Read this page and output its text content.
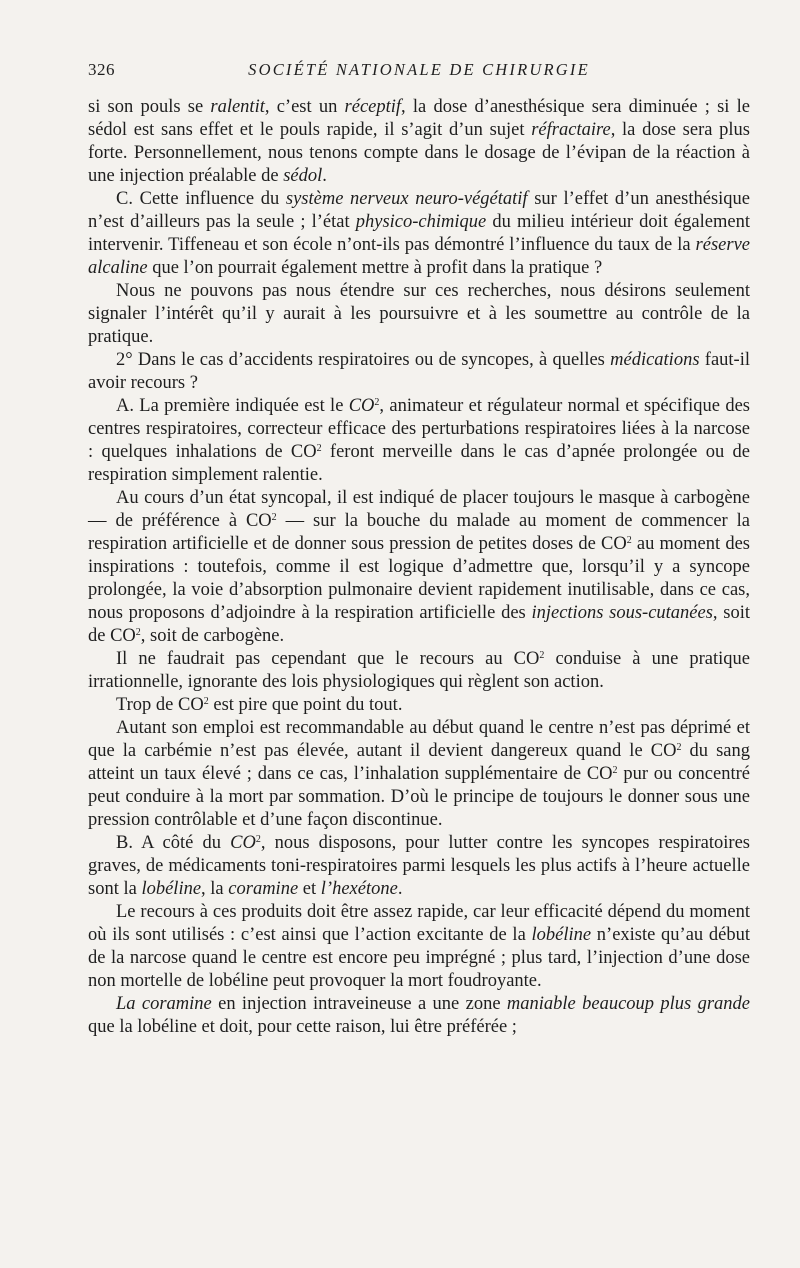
326	SOCIÉTÉ NATIONALE DE CHIRURGIE

si son pouls se ralentit, c’est un réceptif, la dose d’anesthésique sera diminuée ; si le sédol est sans effet et le pouls rapide, il s’agit d’un sujet réfractaire, la dose sera plus forte. Personnellement, nous tenons compte dans le dosage de l’évipan de la réaction à une injection préalable de sédol.

C. Cette influence du système nerveux neuro-végétatif sur l’effet d’un anesthésique n’est d’ailleurs pas la seule ; l’état physico-chimique du milieu intérieur doit également intervenir. Tiffeneau et son école n’ont-ils pas démontré l’influence du taux de la réserve alcaline que l’on pourrait également mettre à profit dans la pratique ?

Nous ne pouvons pas nous étendre sur ces recherches, nous désirons seulement signaler l’intérêt qu’il y aurait à les poursuivre et à les soumettre au contrôle de la pratique.

2° Dans le cas d’accidents respiratoires ou de syncopes, à quelles médications faut-il avoir recours ?

A. La première indiquée est le $CO^2$, animateur et régulateur normal et spécifique des centres respiratoires, correcteur efficace des perturbations respiratoires liées à la narcose : quelques inhalations de $CO^2$ feront merveille dans le cas d’apnée prolongée ou de respiration simplement ralentie.

Au cours d’un état syncopal, il est indiqué de placer toujours le masque à carbogène — de préférence à $CO^2$ — sur la bouche du malade au moment de commencer la respiration artificielle et de donner sous pression de petites doses de $CO^2$ au moment des inspirations : toutefois, comme il est logique d’admettre que, lorsqu’il y a syncope prolongée, la voie d’absorption pulmonaire devient rapidement inutilisable, dans ce cas, nous proposons d’adjoindre à la respiration artificielle des injections sous-cutanées, soit de $CO^2$, soit de carbogène.

Il ne faudrait pas cependant que le recours au $CO^2$ conduise à une pratique irrationnelle, ignorante des lois physiologiques qui règlent son action.

Trop de $CO^2$ est pire que point du tout.

Autant son emploi est recommandable au début quand le centre n’est pas déprimé et que la carbémie n’est pas élevée, autant il devient dangereux quand le $CO^2$ du sang atteint un taux élevé ; dans ce cas, l’inhalation supplémentaire de $CO^2$ pur ou concentré peut conduire à la mort par sommation. D’où le principe de toujours le donner sous une pression contrôlable et d’une façon discontinue.

B. A côté du $CO^2$, nous disposons, pour lutter contre les syncopes respiratoires graves, de médicaments toni-respiratoires parmi lesquels les plus actifs à l’heure actuelle sont la lobéline, la coramine et l’hexétone.

Le recours à ces produits doit être assez rapide, car leur efficacité dépend du moment où ils sont utilisés : c’est ainsi que l’action excitante de la lobéline n’existe qu’au début de la narcose quand le centre est encore peu imprégné ; plus tard, l’injection d’une dose non mortelle de lobéline peut provoquer la mort foudroyante.

La coramine en injection intraveineuse a une zone maniable beaucoup plus grande que la lobéline et doit, pour cette raison, lui être préférée ;
